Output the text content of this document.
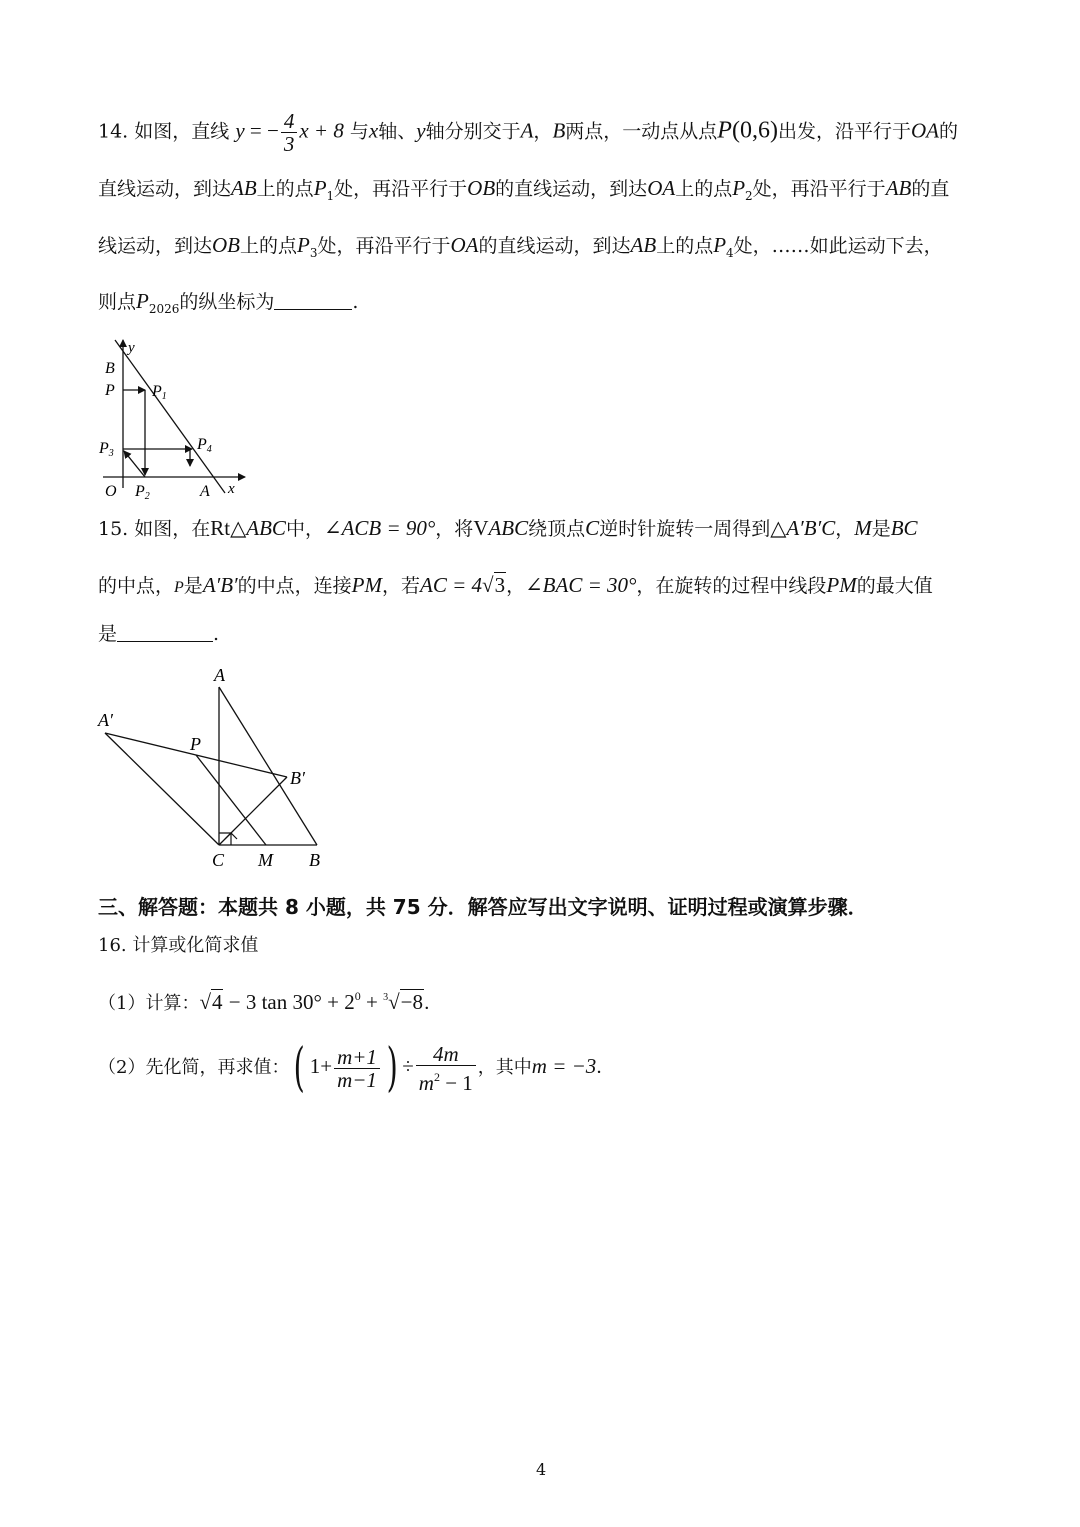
14. 如图，直线 y = − $\frac{4}{3}$ x + 8 与x轴、y轴分别交于A，B两点，一动点从点P(0,6)出发，沿平行于OA的
直线运动，到达AB上的点$P_1$处，再沿平行于OB的直线运动，到达OA上的点$P_2$处，再沿平行于AB的直
线运动，到达OB上的点$P_3$处，再沿平行于OA的直线运动，到达AB上的点$P_4$处，……如此运动下去，
则点$P_{2026}$的纵坐标为	.
y
B
P P1
P3
P4
O P2	A x
15. 如图，在Rt△ABC中，∠ACB = 90°，将VABC绕顶点C逆时针旋转一周得到△A′B′C，M是BC
的中点，P是A′B′的中点，连接PM，若AC = 4√3，∠BAC = 30°，在旋转的过程中线段PM的最大值
是	.
A
A′
P
B′
C M B
三、解答题：本题共 8 小题，共 75 分．解答应写出文字说明、证明过程或演算步骤．
16. 计算或化简求值
（1）计算：√4 − 3 $\tan 30^\circ + 2^0 + ^3√-8$．
（2）先化简，再求值：( $1+ \frac{m+1}{m-1}$ ) ÷ $\frac{4m}{m^2 - 1}$ ，其中m = −3．
4
